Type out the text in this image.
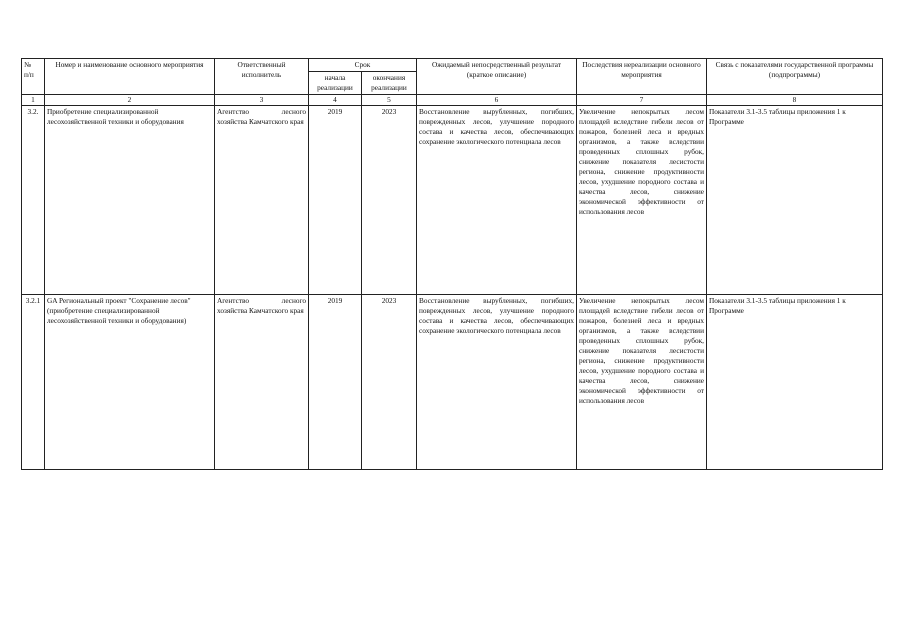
№
п/п	Номер и наименование основного мероприятия	Ответственный исполнитель	Срок		Ожидаемый непосредственный результат (краткое описание)	Последствия нереализации основного мероприятия	Связь с показателями государственной программы (подпрограммы)
			начала реализации	окончания реализации			
1	2	3	4	5	6	7	8
3.2.	Приобретение специализированной лесохозяйственной техники и оборудования	Агентство лесного хозяйства Камчатского края	2019	2023	Восстановление вырубленных, погибших, поврежденных лесов, улучшение породного состава и качества лесов, обеспечивающих сохранение экологического потенциала лесов	Увеличение непокрытых лесом площадей вследствие гибели лесов от пожаров, болезней леса и вредных организмов, а также вследствии проведенных сплошных рубок, снижение показателя лесистости региона, снижение продуктивности лесов, ухудшение породного состава и качества лесов, снижение экономической эффективности от использования лесов	Показатели 3.1-3.5 таблицы приложения 1 к Программе
3.2.1	GA Региональный проект "Сохранение лесов" (приобретение специализированной лесохозяйственной техники и оборудования)	Агентство лесного хозяйства Камчатского края	2019	2023	Восстановление вырубленных, погибших, поврежденных лесов, улучшение породного состава и качества лесов, обеспечивающих сохранение экологического потенциала лесов	Увеличение непокрытых лесом площадей вследствие гибели лесов от пожаров, болезней леса и вредных организмов, а также вследствии проведенных сплошных рубок, снижение показателя лесистости региона, снижение продуктивности лесов, ухудшение породного состава и качества лесов, снижение экономической эффективности от использования лесов	Показатели 3.1-3.5 таблицы приложения 1 к Программе
